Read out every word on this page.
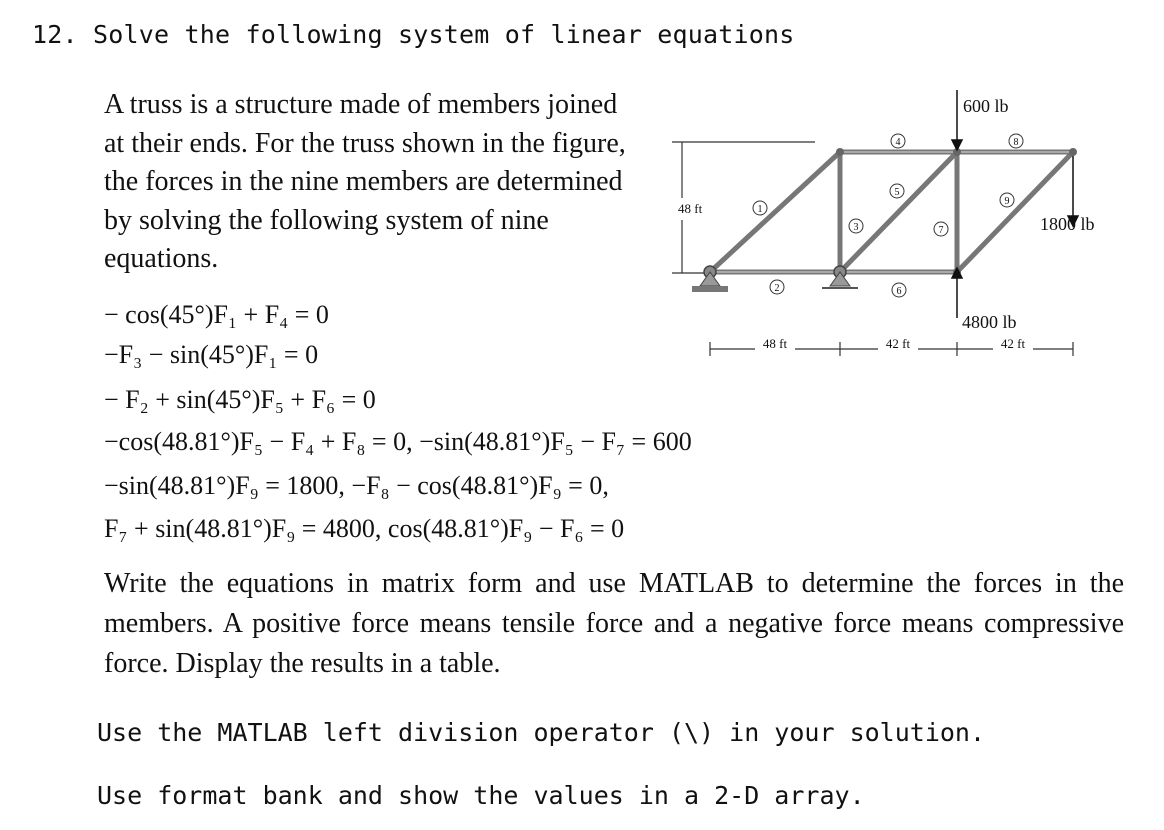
12. Solve the following system of linear equations
A truss is a structure made of members joined at their ends. For the truss shown in the figure, the forces in the nine members are determined by solving the following system of nine equations.
− cos(45°)F₁ + F₄ = 0
−F₃ − sin(45°)F₁ = 0
− F₂ + sin(45°)F₅ + F₆ = 0
−cos(48.81°)F₅ − F₄ + F₈ = 0, −sin(48.81°)F₅ − F₇ = 600
−sin(48.81°)F₉ = 1800, −F₈ − cos(48.81°)F₉ = 0,
F₇ + sin(48.81°)F₉ = 4800, cos(48.81°)F₉ − F₆ = 0
Write the equations in matrix form and use MATLAB to determine the forces in the members. A positive force means tensile force and a negative force means compressive force. Display the results in a table.
Use the MATLAB left division operator (\) in your solution.
Use format bank and show the values in a 2-D array.
48 ft
600 lb
1800 lb
4800 lb
1
2
3
4
5
6
7
8
9
48 ft	42 ft	42 ft
